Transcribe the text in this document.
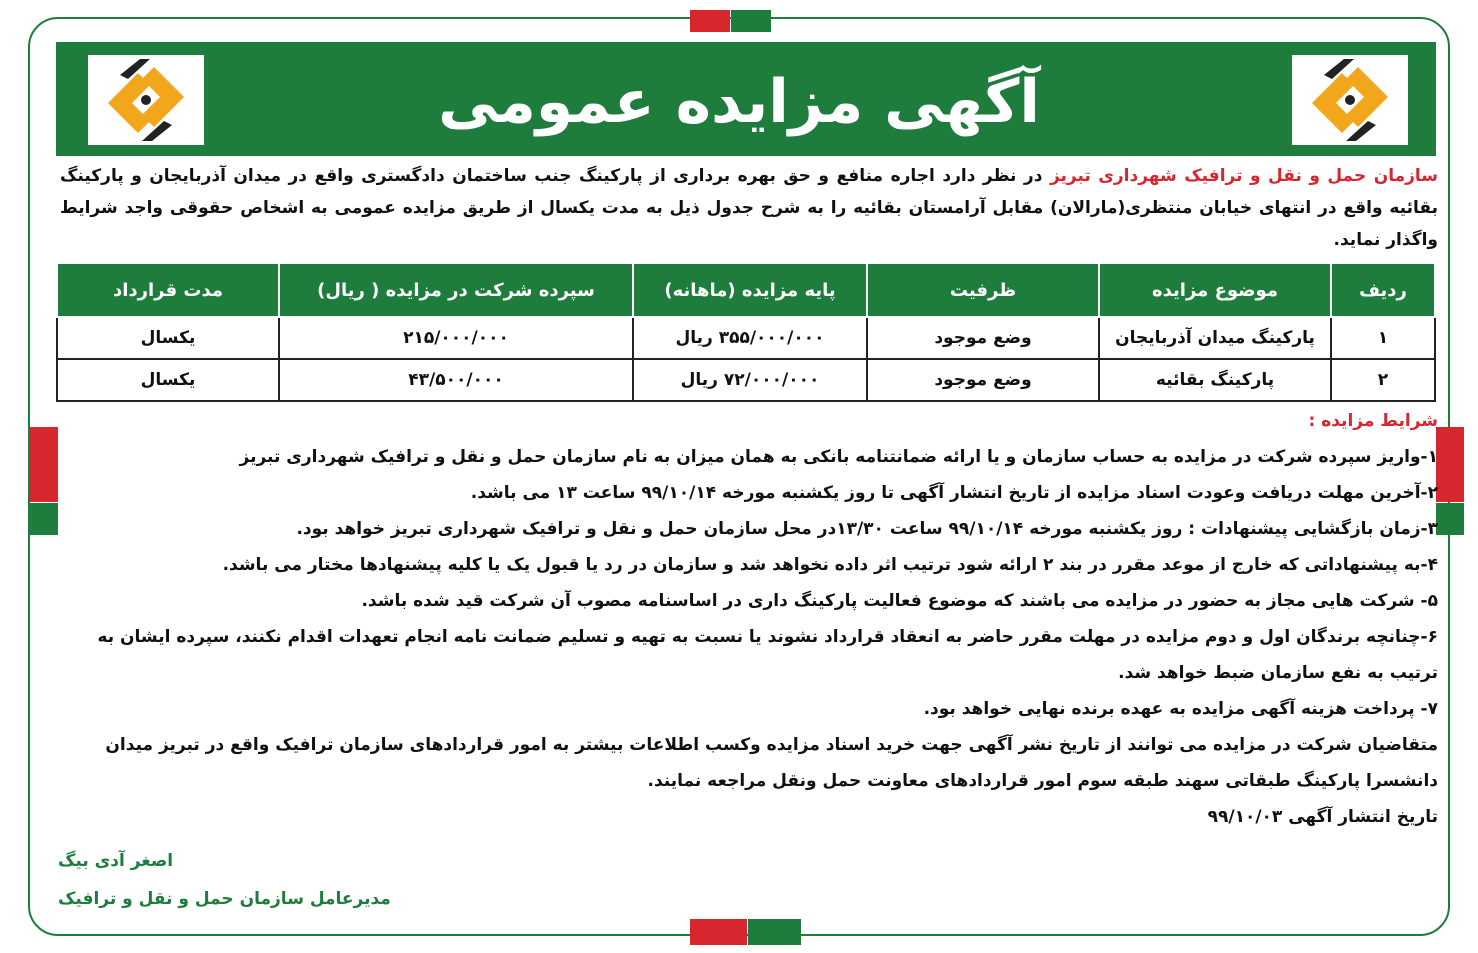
آگهی مزایده عمومی
سازمان حمل و نقل و ترافیک شهرداری تبریز در نظر دارد اجاره منافع و حق بهره برداری از پارکینگ جنب ساختمان دادگستری واقع در میدان آذربایجان و پارکینگ بقائیه واقع در انتهای خیابان منتظری(مارالان) مقابل آرامستان بقائیه را به شرح جدول ذیل به مدت یکسال از طریق مزایده عمومی به اشخاص حقوقی واجد شرایط واگذار نماید.
ردیف	موضوع مزایده	ظرفیت	پایه مزایده (ماهانه)	سپرده شرکت در مزایده ( ریال)	مدت قرارداد
۱	پارکینگ میدان آذربایجان	وضع موجود	۳۵۵/۰۰۰/۰۰۰ ریال	۲۱۵/۰۰۰/۰۰۰	یکسال
۲	پارکینگ بقائیه	وضع موجود	۷۲/۰۰۰/۰۰۰ ریال	۴۳/۵۰۰/۰۰۰	یکسال

شرایط مزایده :

۱-واریز سپرده شرکت در مزایده به حساب سازمان و یا ارائه ضمانتنامه بانکی به همان میزان به نام سازمان حمل و نقل و ترافیک شهرداری تبریز

۲-آخرین مهلت دریافت وعودت اسناد مزایده از تاریخ انتشار آگهی تا روز یکشنبه مورخه ۹۹/۱۰/۱۴ ساعت ۱۳ می باشد.

۳-زمان بازگشایی پیشنهادات : روز یکشنبه مورخه ۹۹/۱۰/۱۴ ساعت ۱۳/۳۰در محل سازمان حمل و نقل و ترافیک شهرداری تبریز خواهد بود.

۴-به پیشنهاداتی که خارج از موعد مقرر در بند ۲ ارائه شود ترتیب اثر داده نخواهد شد و سازمان در رد یا قبول یک یا کلیه پیشنهادها مختار می باشد.

۵- شرکت هایی مجاز به حضور در مزایده می باشند که موضوع فعالیت پارکینگ داری در اساسنامه مصوب آن شرکت قید شده باشد.

۶-چنانچه برندگان اول و دوم مزایده در مهلت مقرر حاضر به انعقاد قرارداد نشوند یا نسبت به تهیه و تسلیم ضمانت نامه انجام تعهدات اقدام نکنند، سپرده ایشان به ترتیب به نفع سازمان ضبط خواهد شد.

۷- پرداخت هزینه آگهی مزایده به عهده برنده نهایی خواهد بود.

متقاضیان شرکت در مزایده می توانند از تاریخ نشر آگهی جهت خرید اسناد مزایده وکسب اطلاعات بیشتر به امور قراردادهای سازمان ترافیک واقع در تبریز میدان دانشسرا پارکینگ طبقاتی سهند طبقه سوم امور قراردادهای معاونت حمل ونقل مراجعه نمایند.

تاریخ انتشار آگهی ۹۹/۱۰/۰۳

اصغر آدی بیگ
مدیرعامل سازمان حمل و نقل و ترافیک
